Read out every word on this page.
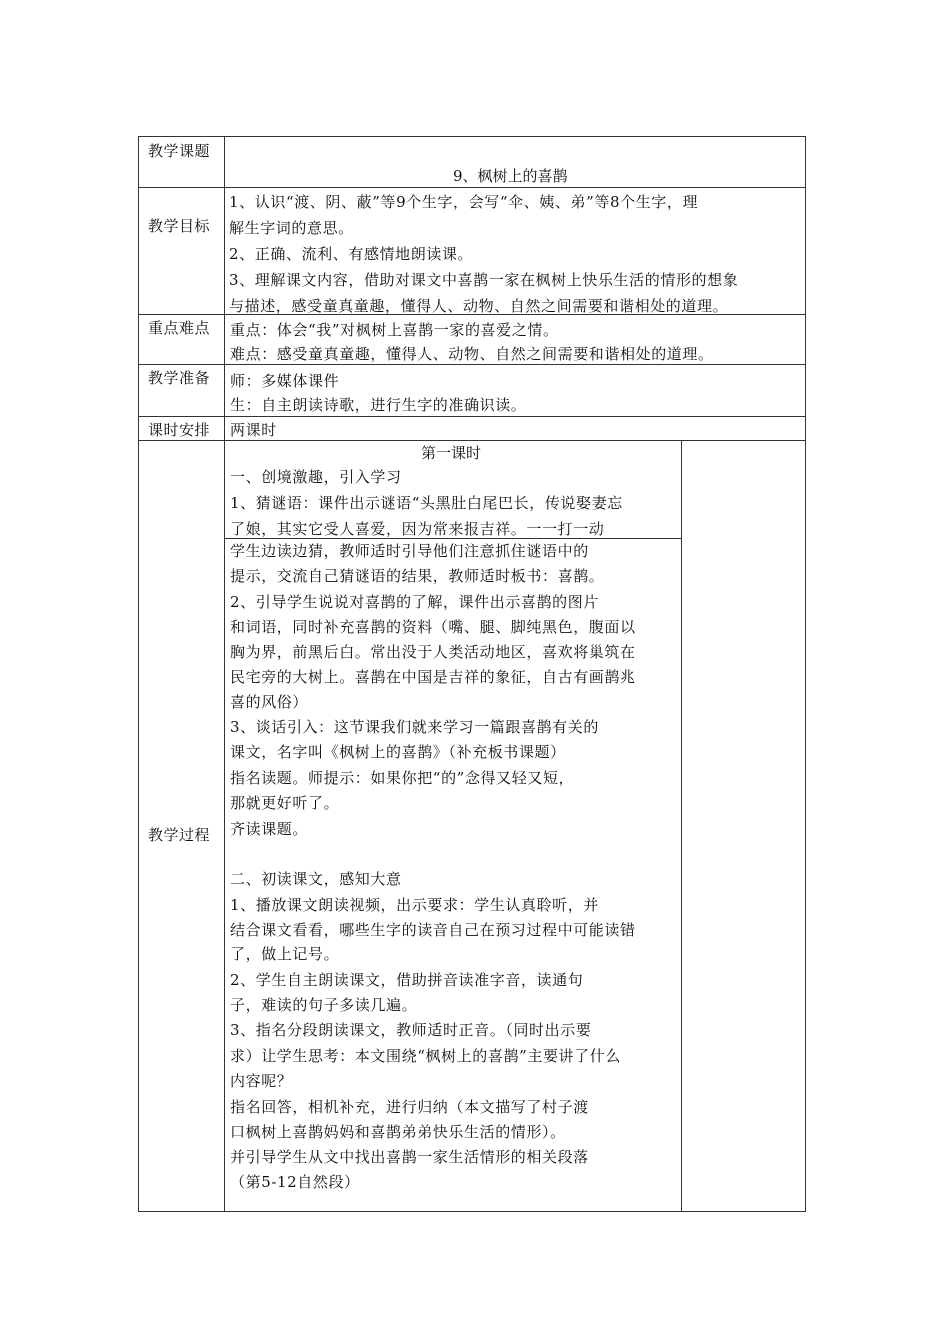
教学课题
教学目标
重点难点
教学准备
课时安排
教学过程
9、枫树上的喜鹊
1、认识“渡、阴、蔽”等9个生字，会写“伞、姨、弟”等8个生字，理
解生字词的意思。
2、正确、流利、有感情地朗读课。
3、理解课文内容，借助对课文中喜鹊一家在枫树上快乐生活的情形的想象
与描述，感受童真童趣，懂得人、动物、自然之间需要和谐相处的道理。
重点：体会“我”对枫树上喜鹊一家的喜爱之情。
难点：感受童真童趣，懂得人、动物、自然之间需要和谐相处的道理。
师：多媒体课件
生：自主朗读诗歌，进行生字的准确识读。
两课时
第一课时
一、创境激趣，引入学习
1、猜谜语：课件出示谜语“头黑肚白尾巴长，传说娶妻忘
了娘，其实它受人喜爱，因为常来报吉祥。一一打一动
学生边读边猜，教师适时引导他们注意抓住谜语中的
提示，交流自己猜谜语的结果，教师适时板书：喜鹊。
2、引导学生说说对喜鹊的了解，课件出示喜鹊的图片
和词语，同时补充喜鹊的资料（嘴、腿、脚纯黑色，腹面以
胸为界，前黑后白。常出没于人类活动地区，喜欢将巢筑在
民宅旁的大树上。喜鹊在中国是吉祥的象征，自古有画鹊兆
喜的风俗）
3、谈话引入：这节课我们就来学习一篇跟喜鹊有关的
课文，名字叫《枫树上的喜鹊》（补充板书课题）
指名读题。师提示：如果你把“的”念得又轻又短，
那就更好听了。
齐读课题。
二、初读课文，感知大意
1、播放课文朗读视频，出示要求：学生认真聆听，并
结合课文看看，哪些生字的读音自己在预习过程中可能读错
了，做上记号。
2、学生自主朗读课文，借助拼音读准字音，读通句
子，难读的句子多读几遍。
3、指名分段朗读课文，教师适时正音。（同时出示要
求）让学生思考：本文围绕“枫树上的喜鹊”主要讲了什么
内容呢？
指名回答，相机补充，进行归纳（本文描写了村子渡
口枫树上喜鹊妈妈和喜鹊弟弟快乐生活的情形）。
并引导学生从文中找出喜鹊一家生活情形的相关段落
（第5-12自然段）
